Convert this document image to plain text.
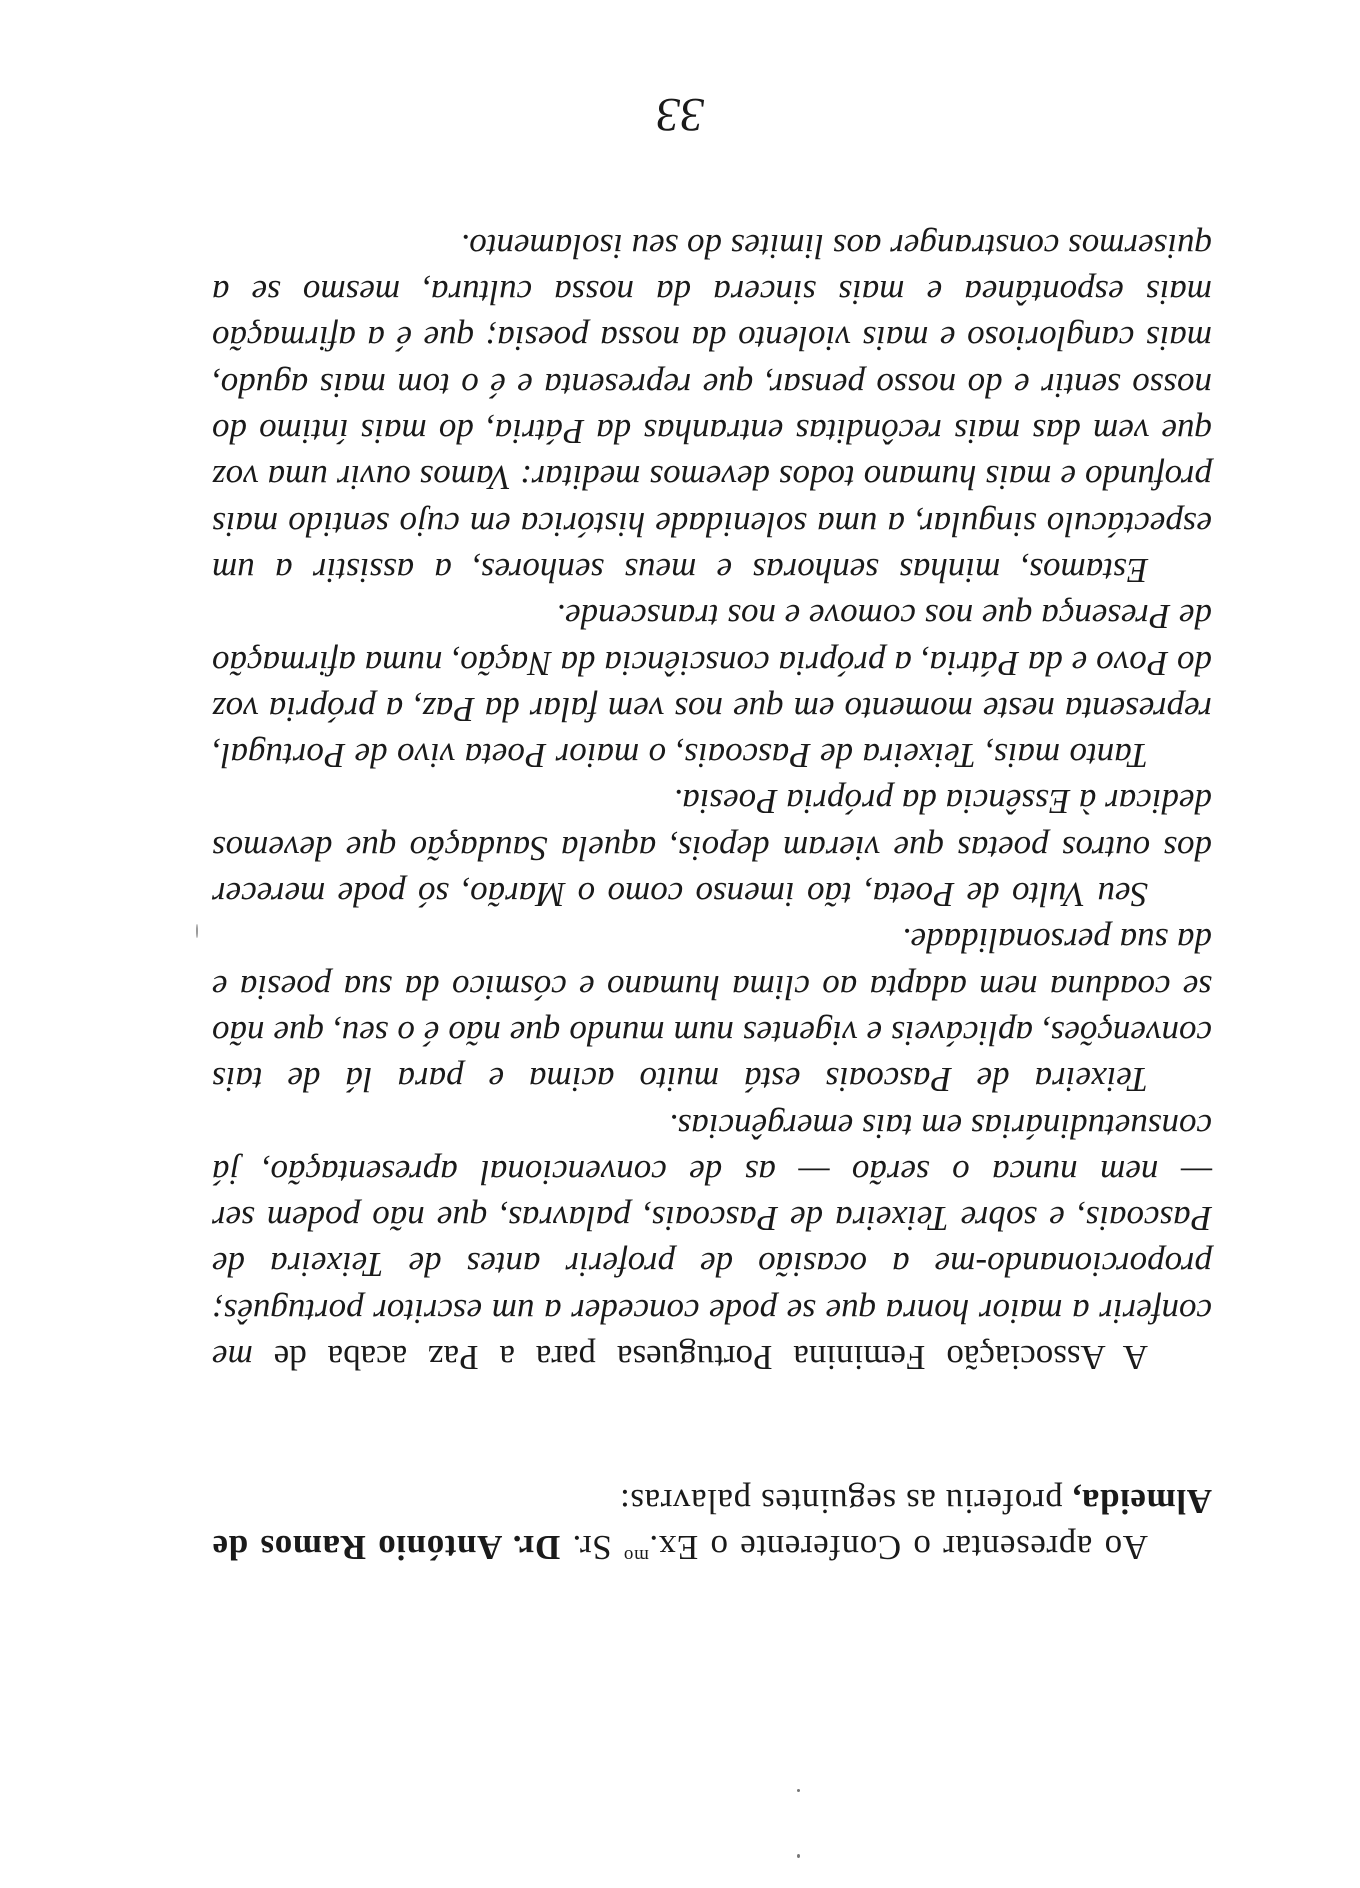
Ao apresentar o Conferente o Ex.$^{mo}$ Sr. Dr. António Ramos de Almeida, proferiu as seguintes palavras:

A Associação Feminina Portuguesa para a Paz acaba de me conferir a maior honra que se pode conceder a um escritor português; proporcionando-me a ocasião de proferir antes de Teixeira de Pascoais, e sobre Teixeira de Pascoais, palavras, que não podem ser — nem nunca o serão — as de convencional apresentação, já consuetudinárias em tais emergências.

Teixeira de Pascoais está muito acima e para lá de tais convenções, aplicáveis e vigentes num mundo que não é o seu, que não se coaduna nem adapta ao clima humano e cósmico da sua poesia e da sua personalidade.

Seu Vulto de Poeta, tão imenso como o Marão, só pode merecer dos outros poetas que vieram depois, aquela Saudação que devemos dedicar à Essência da própria Poesia.

Tanto mais, Teixeira de Pascoais, o maior Poeta vivo de Portugal, representa neste momento em que nos vem falar da Paz, a própria voz do Povo e da Pátria, a própria consciência da Nação, numa afirmação de Presença que nos comove e nos transcende.

Estamos, minhas senhoras e meus senhores, a assistir a um espectáculo singular, a uma solenidade histórica em cujo sentido mais profundo e mais humano todos devemos meditar: Vamos ouvir uma voz que vem das mais recônditas entranhas da Pátria, do mais íntimo do nosso sentir e do nosso pensar, que representa e é o tom mais agudo, mais canglorioso e mais violento da nossa poesia; que é a afirmação mais espontânea e mais sincera da nossa cultura, mesmo se a quisermos constranger aos limites do seu isolamento.

33
